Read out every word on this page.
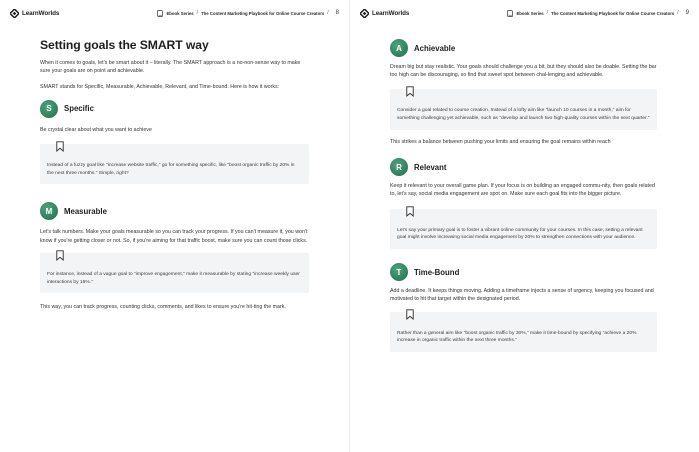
LearnWorlds	Ebook Series / The Content Marketing Playbook for Online Course Creators / 8
Setting goals the SMART way

When it comes to goals, let's be smart about it – literally. The SMART approach is a no-non-sense way to make sure your goals are on point and achievable.

SMART stands for Specific, Measurable, Achievable, Relevant, and Time-bound. Here is how it works:

S	Specific

Be crystal clear about what you want to achieve

Instead of a fuzzy goal like "increase website traffic," go for something specific, like "boost organic traffic by 20% in the next three months." Simple, right?

M	Measurable

Let's talk numbers. Make your goals measurable so you can track your progress. If you can't measure it, you won't know if you're getting closer or not. So, if you're aiming for that traffic boost, make sure you can count those clicks.

For instance, instead of a vague goal to "improve engagement," make it measurable by stating "increase weekly user interactions by 15%."

This way, you can track progress, counting clicks, comments, and likes to ensure you're hit-ting the mark.

LearnWorlds	Ebook Series / The Content Marketing Playbook for Online Course Creators / 9
A	Achievable

Dream big but stay realistic. Your goals should challenge you a bit, but they should also be doable. Setting the bar too high can be discouraging, so find that sweet spot between chal-lenging and achievable.

Consider a goal related to course creation. Instead of a lofty aim like "launch 10 courses in a month," aim for something challenging yet achievable, such as "develop and launch two high-quality courses within the next quarter."

This strikes a balance between pushing your limits and ensuring the goal remains within reach

R	Relevant

Keep it relevant to your overall game plan. If your focus is on building an engaged commu-nity, then goals related to, let's say, social media engagement are spot on. Make sure each goal fits into the bigger picture.

Let's say your primary goal is to foster a vibrant online community for your courses. In this case, setting a relevant goal might involve increasing social media engagement by 20% to strengthen connections with your audience.

T	Time-Bound

Add a deadline. It keeps things moving. Adding a timeframe injects a sense of urgency, keeping you focused and motivated to hit that target within the designated period.

Rather than a general aim like "boost organic traffic by 30%," make it time-bound by specifying "achieve a 20% increase in organic traffic within the next three months."
